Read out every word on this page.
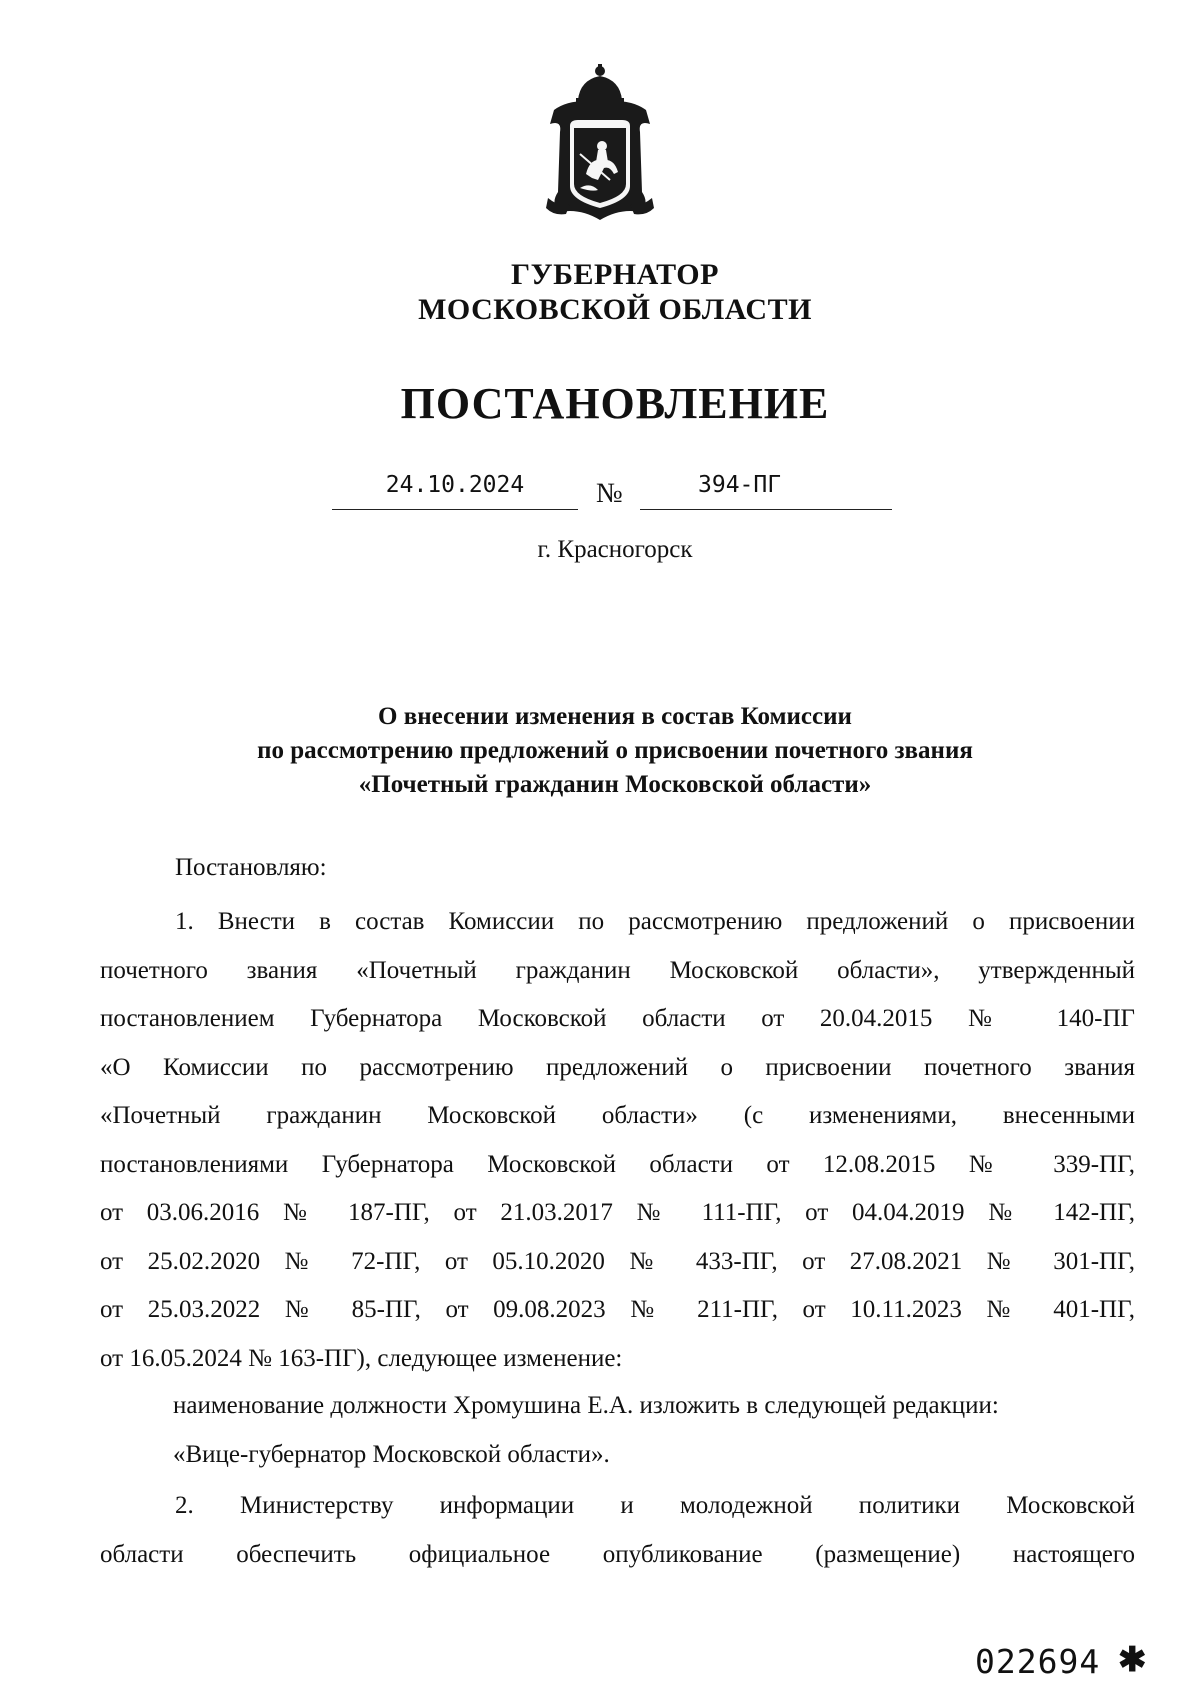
ГУБЕРНАТОР
МОСКОВСКОЙ ОБЛАСТИ
ПОСТАНОВЛЕНИЕ
24.10.2024	№	394-ПГ
г. Красногорск
О внесении изменения в состав Комиссии
по рассмотрению предложений о присвоении почетного звания
«Почетный гражданин Московской области»
Постановляю:

1. Внести в состав Комиссии по рассмотрению предложений о присвоении

почетного звания «Почетный гражданин Московской области», утвержденный

постановлением Губернатора Московской области от 20.04.2015 № 140-ПГ

«О Комиссии по рассмотрению предложений о присвоении почетного звания

«Почетный гражданин Московской области» (с изменениями, внесенными

постановлениями Губернатора Московской области от 12.08.2015 № 339-ПГ,

от 03.06.2016 № 187-ПГ, от 21.03.2017 № 111-ПГ, от 04.04.2019 № 142-ПГ,

от 25.02.2020 № 72-ПГ, от 05.10.2020 № 433-ПГ, от 27.08.2021 № 301-ПГ,

от 25.03.2022 № 85-ПГ, от 09.08.2023 № 211-ПГ, от 10.11.2023 № 401-ПГ,

от 16.05.2024 № 163-ПГ), следующее изменение:

наименование должности Хромушина Е.А. изложить в следующей редакции:
«Вице-губернатор Московской области».

2. Министерству информации и молодежной политики Московской

области обеспечить официальное опубликование (размещение) настоящего

022694 ✱
